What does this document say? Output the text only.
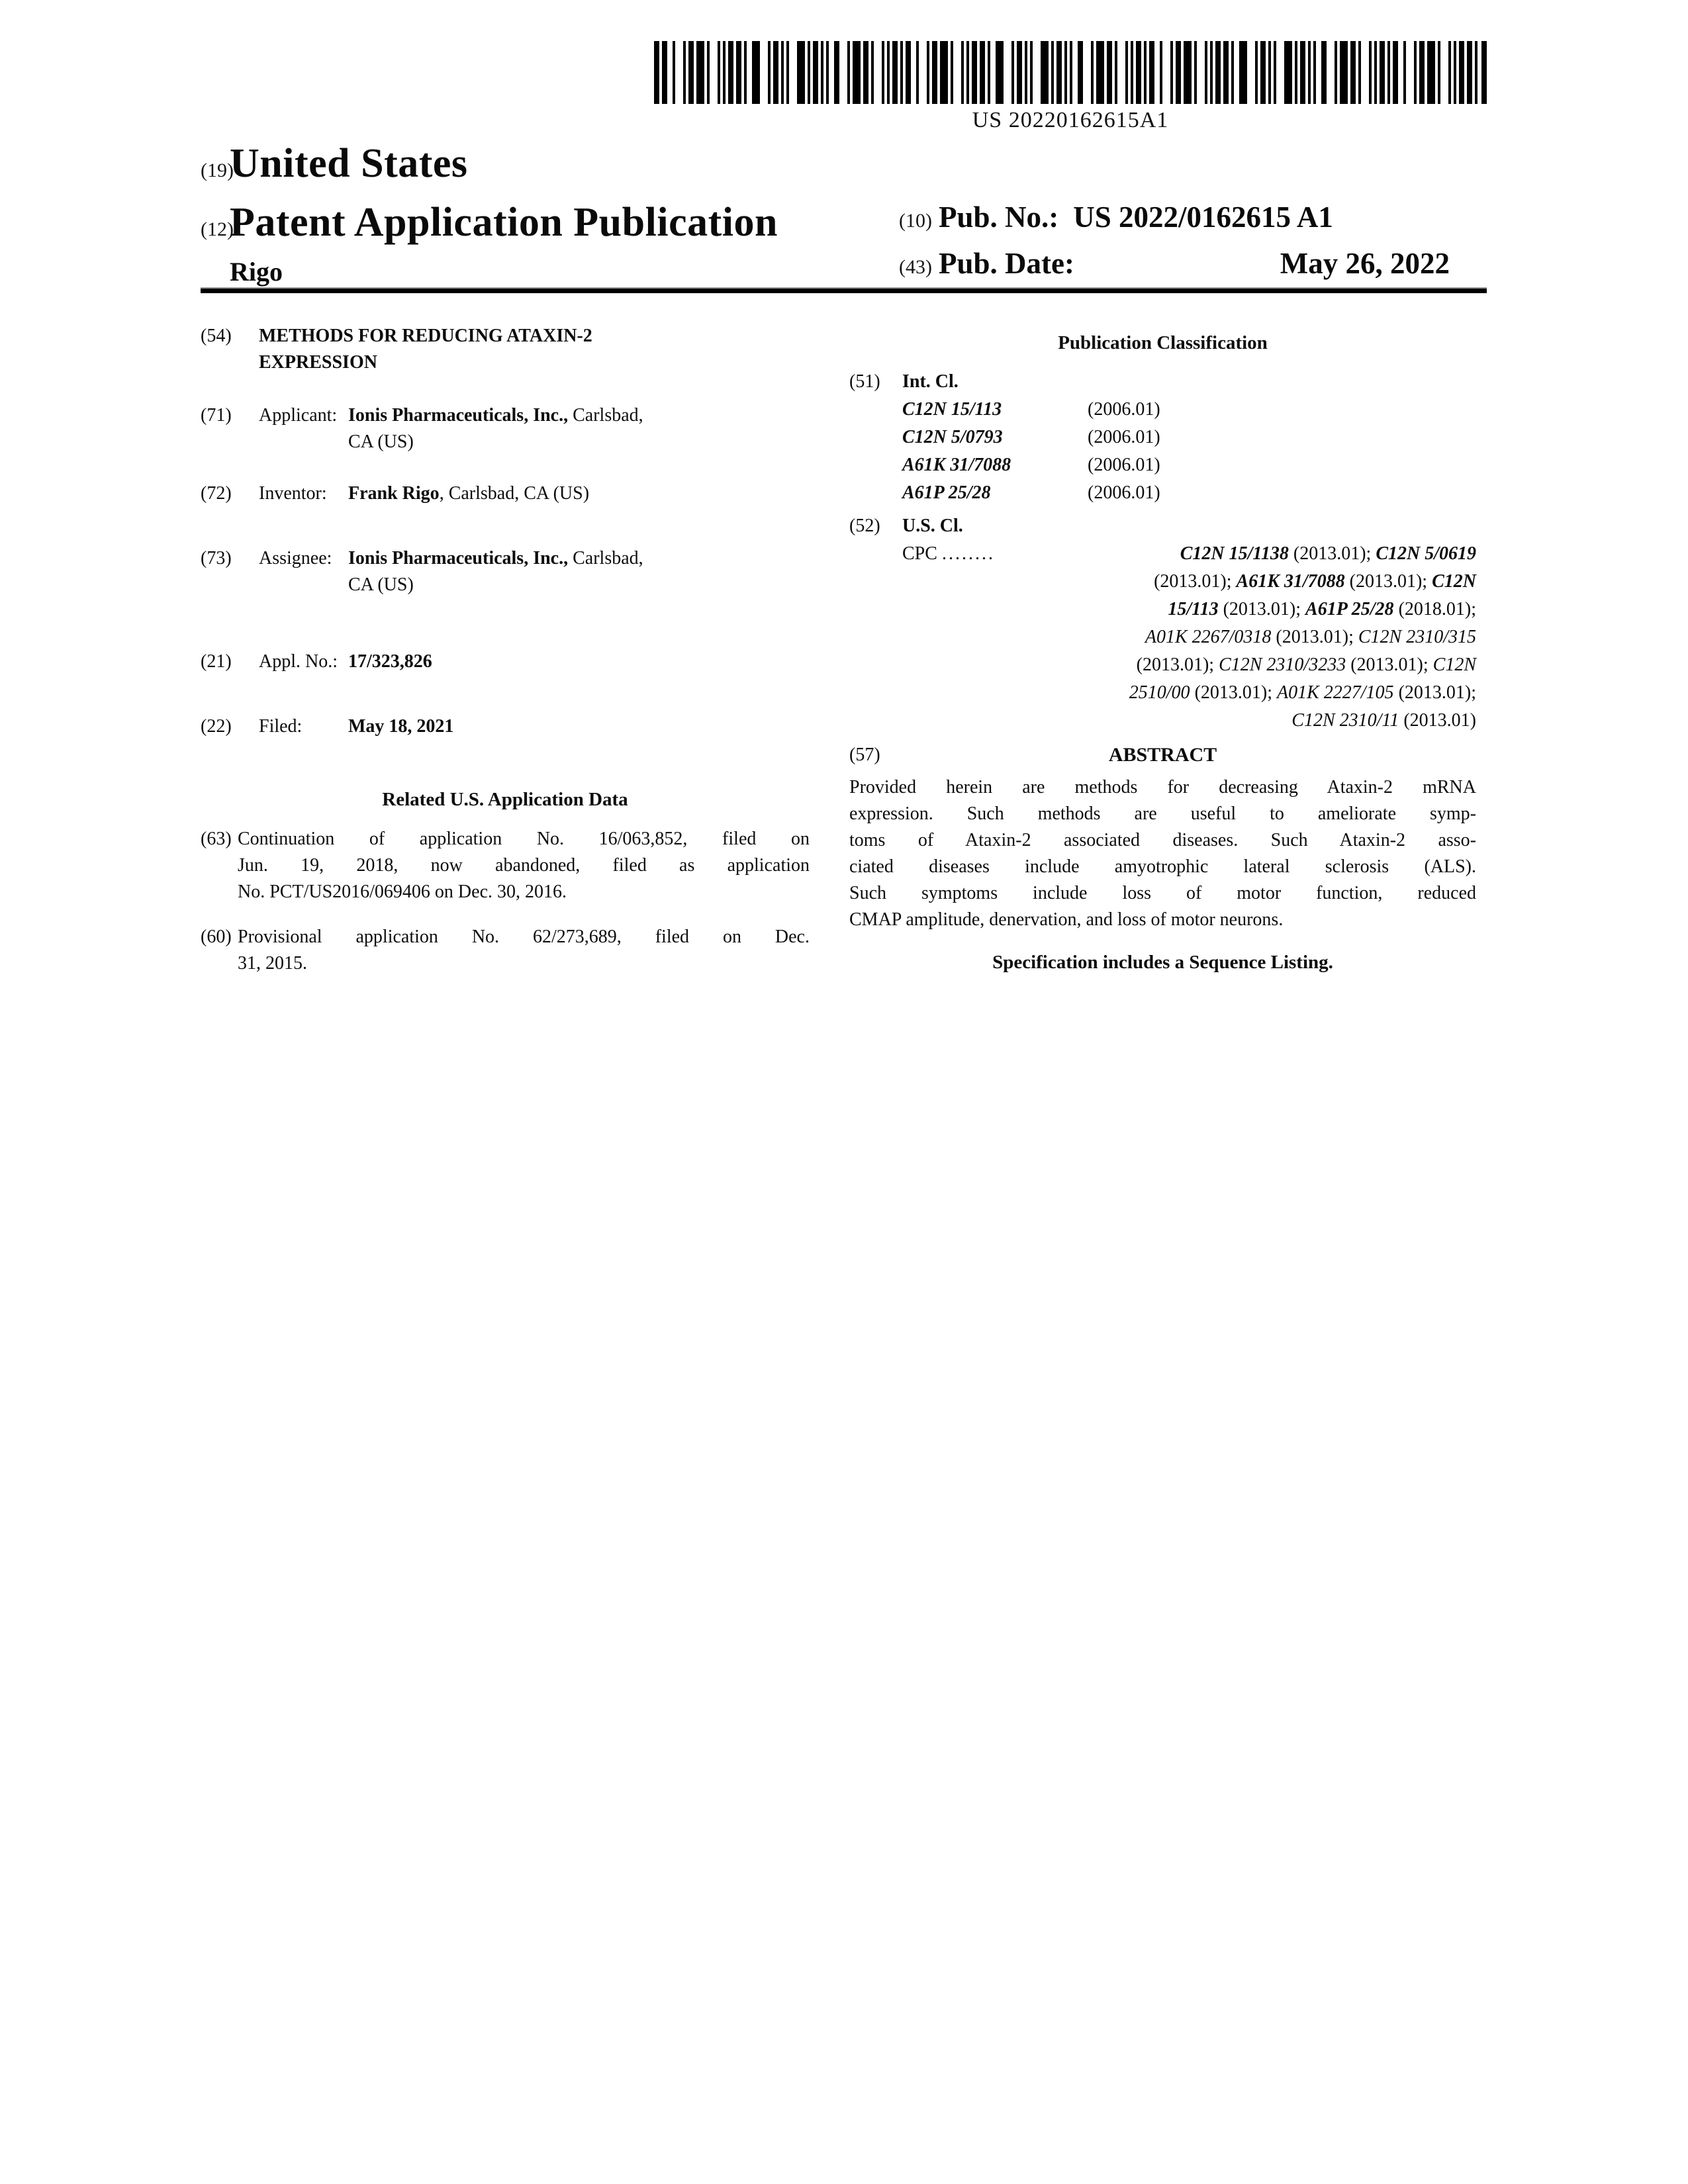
US 20220162615A1
(19)
United States
(12)
Patent Application Publication
Rigo
(10) Pub. No.: US 2022/0162615 A1
(43) Pub. Date:	May 26, 2022
(54)	METHODS FOR REDUCING ATAXIN-2
EXPRESSION
(71)	Applicant: Ionis Pharmaceuticals, Inc., Carlsbad,
CA (US)
(72)	Inventor:	Frank Rigo, Carlsbad, CA (US)
(73)	Assignee: Ionis Pharmaceuticals, Inc., Carlsbad,
CA (US)
(21)	Appl. No.: 17/323,826
(22)	Filed:	May 18, 2021
Related U.S. Application Data
(63) Continuation of application No. 16/063,852, filed on
Jun. 19, 2018, now abandoned, filed as application
No. PCT/US2016/069406 on Dec. 30, 2016.
(60) Provisional application No. 62/273,689, filed on Dec.
31, 2015.
Publication Classification
(51)	Int. Cl.
C12N 15/113	(2006.01)
C12N 5/0793	(2006.01)
A61K 31/7088	(2006.01)
A61P 25/28	(2006.01)
(52)	U.S. Cl.
CPC ........	C12N 15/1138 (2013.01); C12N 5/0619
(2013.01); A61K 31/7088 (2013.01); C12N
15/113 (2013.01); A61P 25/28 (2018.01);
A01K 2267/0318 (2013.01); C12N 2310/315
(2013.01); C12N 2310/3233 (2013.01); C12N
2510/00 (2013.01); A01K 2227/105 (2013.01);
C12N 2310/11 (2013.01)
(57)	ABSTRACT
Provided herein are methods for decreasing Ataxin-2 mRNA
expression. Such methods are useful to ameliorate symp-
toms of Ataxin-2 associated diseases. Such Ataxin-2 asso-
ciated diseases include amyotrophic lateral sclerosis (ALS).
Such symptoms include loss of motor function, reduced
CMAP amplitude, denervation, and loss of motor neurons.
Specification includes a Sequence Listing.
